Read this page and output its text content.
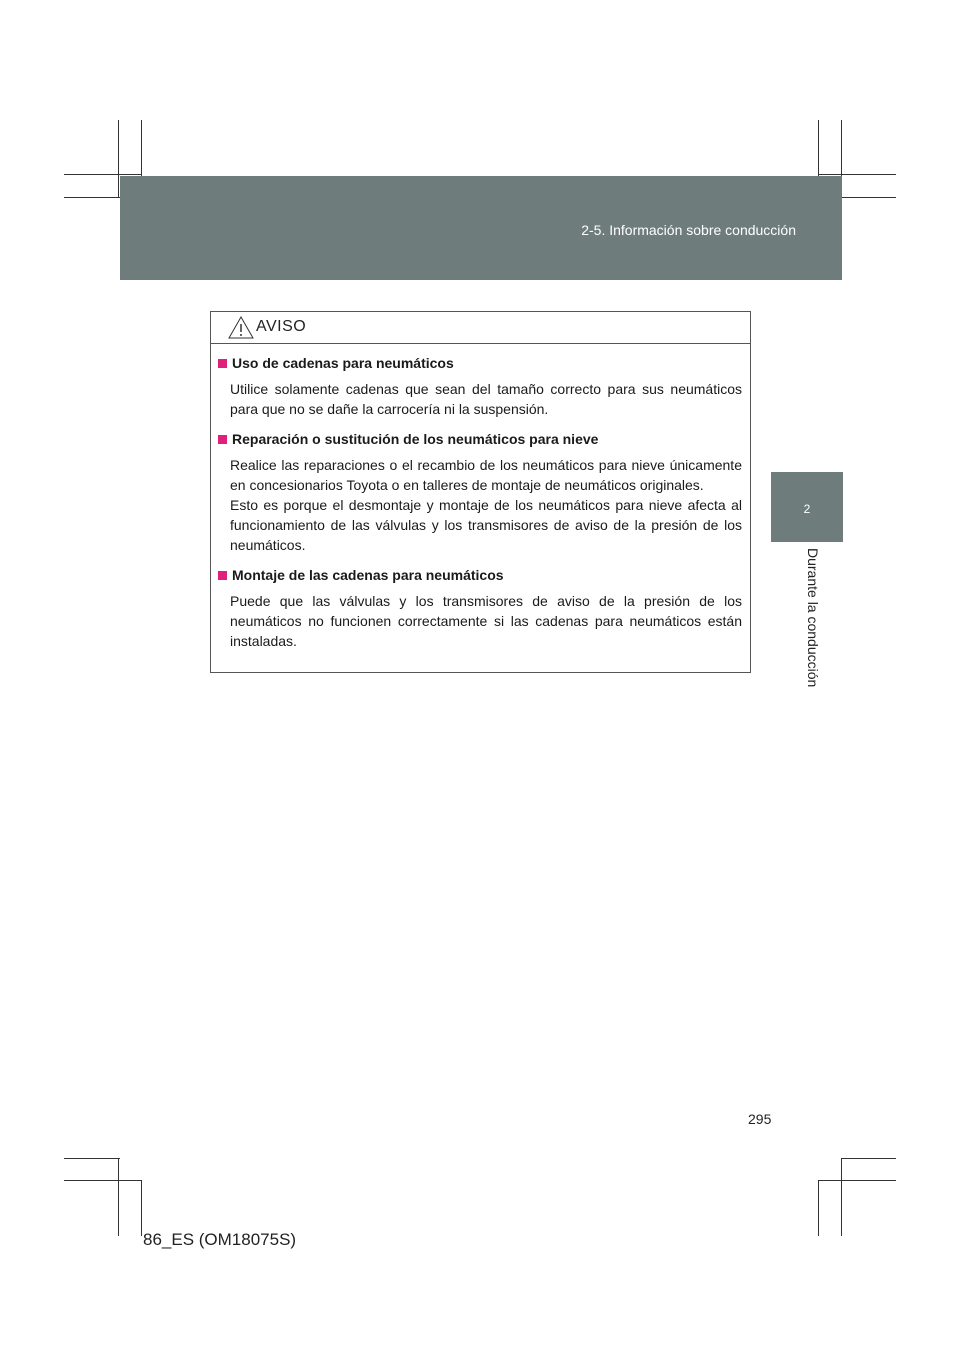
2-5. Información sobre conducción
2
Durante la conducción
AVISO
Uso de cadenas para neumáticos

Utilice solamente cadenas que sean del tamaño correcto para sus neumáticos para que no se dañe la carrocería ni la suspensión.

Reparación o sustitución de los neumáticos para nieve

Realice las reparaciones o el recambio de los neumáticos para nieve únicamente en concesionarios Toyota o en talleres de montaje de neumáticos originales.

Esto es porque el desmontaje y montaje de los neumáticos para nieve afecta al funcionamiento de las válvulas y los transmisores de aviso de la presión de los neumáticos.

Montaje de las cadenas para neumáticos

Puede que las válvulas y los transmisores de aviso de la presión de los neumáticos no funcionen correctamente si las cadenas para neumáticos están instaladas.

295
86_ES (OM18075S)
